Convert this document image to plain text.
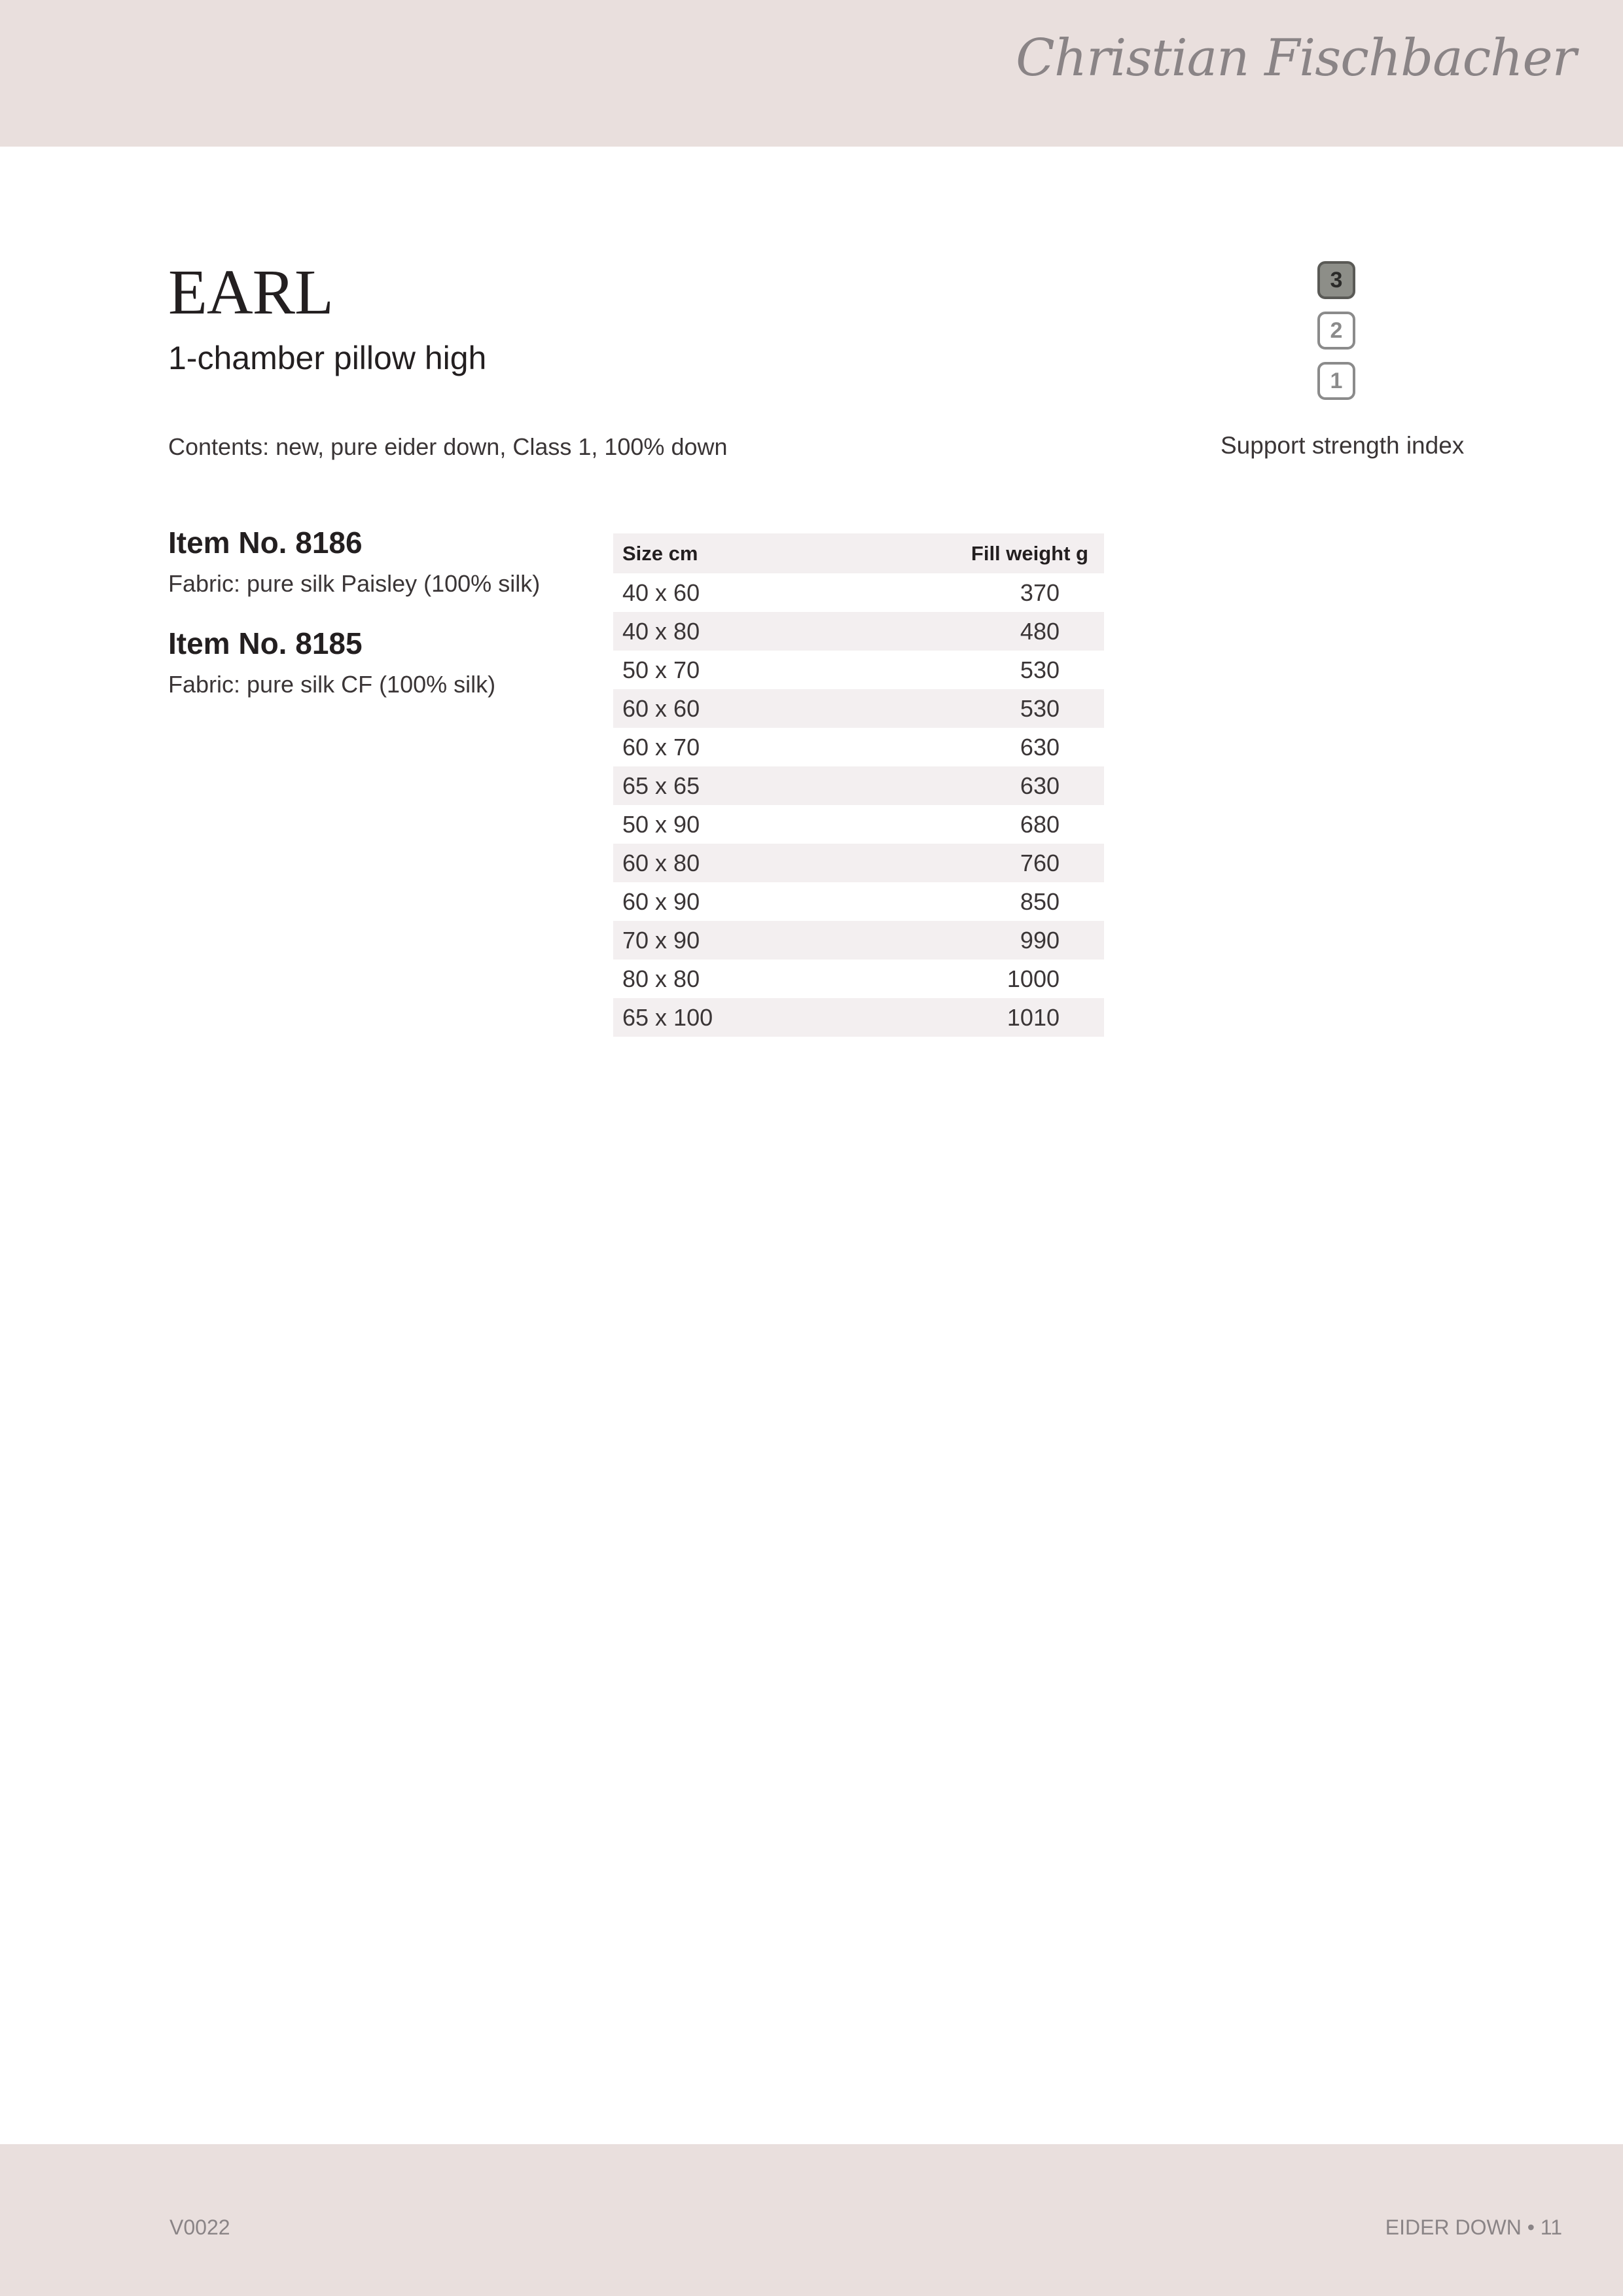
Christian Fischbacher
EARL
1-chamber pillow high
Contents: new, pure eider down, Class 1, 100% down
3
2
1
Support strength index
Item No. 8186
Fabric: pure silk Paisley (100% silk)
Item No. 8185
Fabric: pure silk CF (100% silk)
Size cm	Fill weight g
40 x 60	370
40 x 80	480
50 x 70	530
60 x 60	530
60 x 70	630
65 x 65	630
50 x 90	680
60 x 80	760
60 x 90	850
70 x 90	990
80 x 80	1000
65 x 100	1010
V0022	EIDER DOWN • 11
